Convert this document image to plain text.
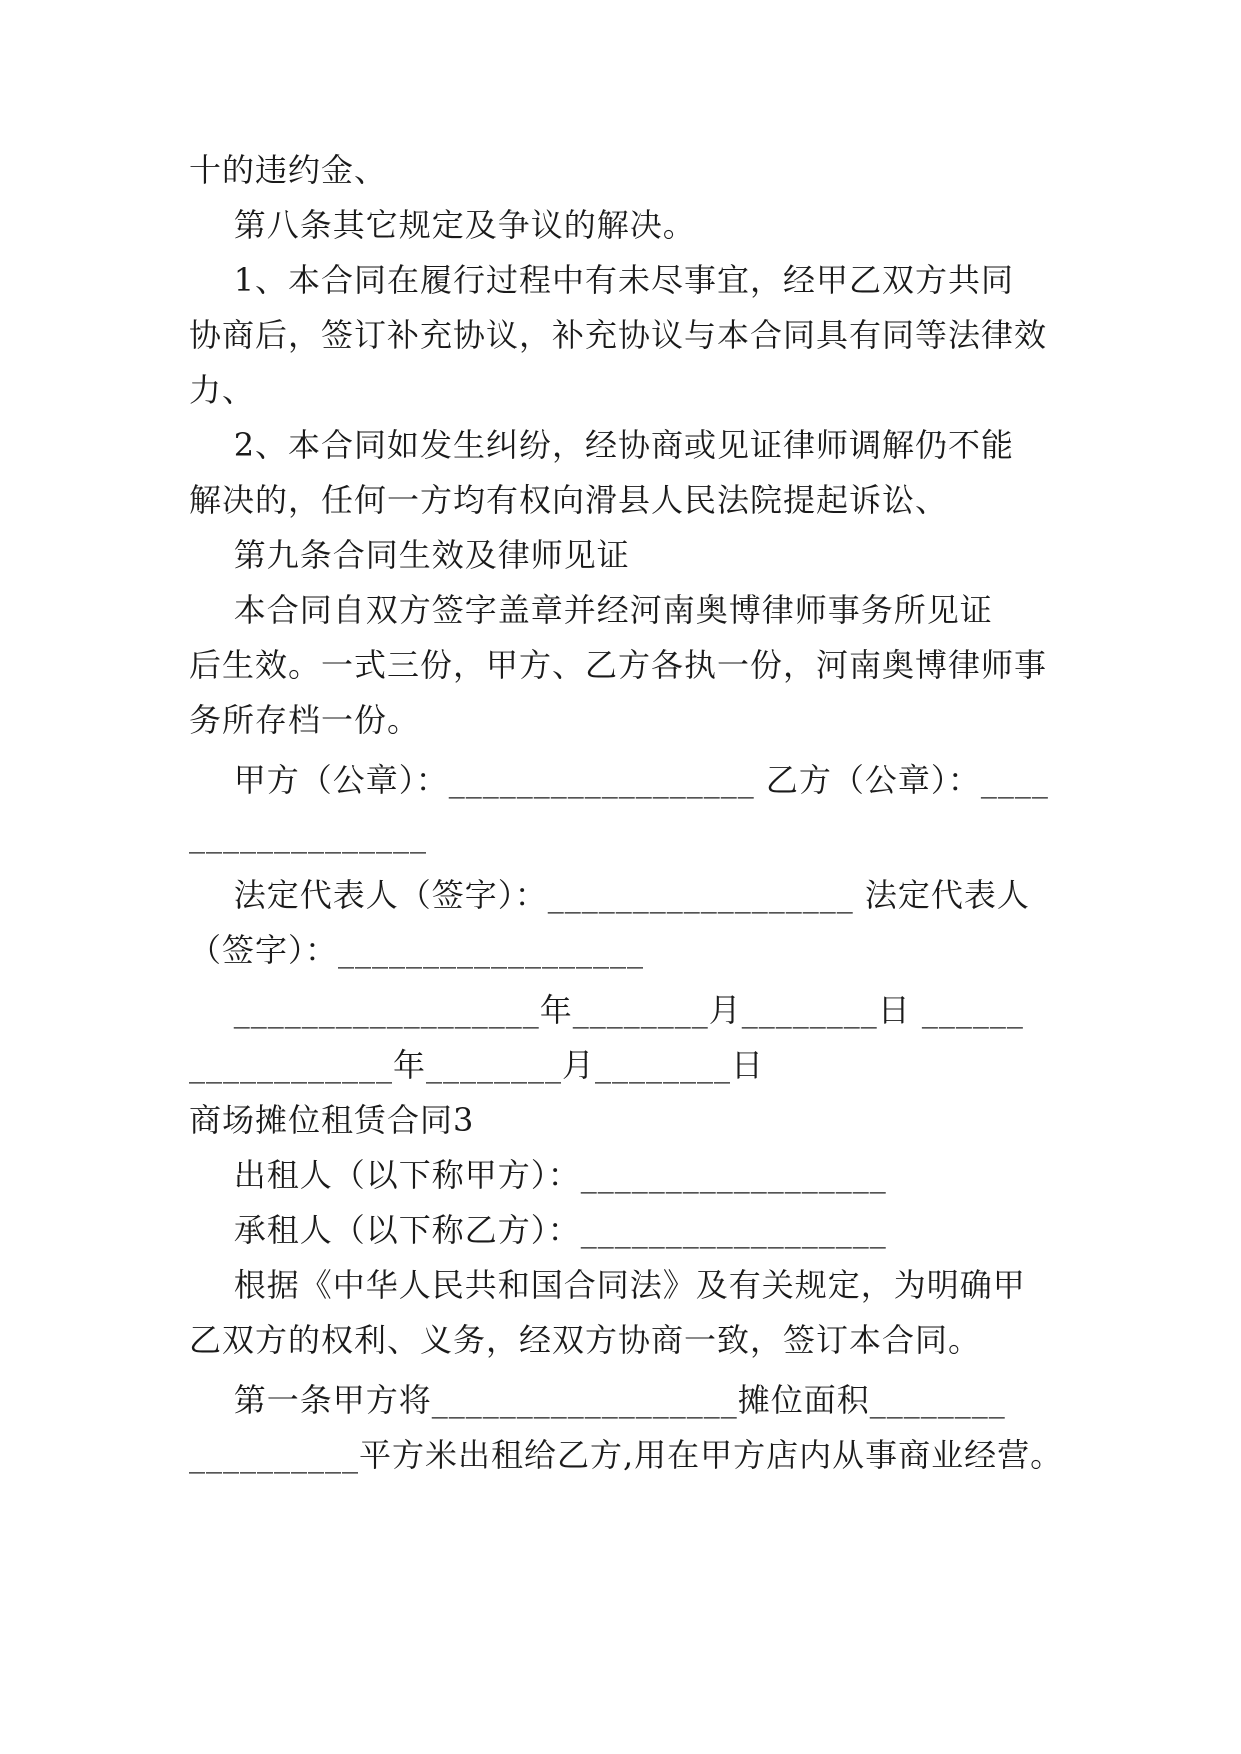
十的违约金、
第八条其它规定及争议的解决。
1、本合同在履行过程中有未尽事宜，经甲乙双方共同
协商后，签订补充协议，补充协议与本合同具有同等法律效
力、
2、本合同如发生纠纷，经协商或见证律师调解仍不能
解决的，任何一方均有权向滑县人民法院提起诉讼、
第九条合同生效及律师见证
本合同自双方签字盖章并经河南奥博律师事务所见证
后生效。一式三份，甲方、乙方各执一份，河南奥博律师事
务所存档一份。
甲方（公章）：__________________ 乙方（公章）：____
______________
法定代表人（签字）：__________________ 法定代表人
（签字）：__________________
__________________年________月________日 ______
____________年________月________日
商场摊位租赁合同3
出租人（以下称甲方）：__________________
承租人（以下称乙方）：__________________
根据《中华人民共和国合同法》及有关规定，为明确甲
乙双方的权利、义务，经双方协商一致，签订本合同。
第一条甲方将__________________摊位面积________
__________平方米出租给乙方,用在甲方店内从事商业经营。
